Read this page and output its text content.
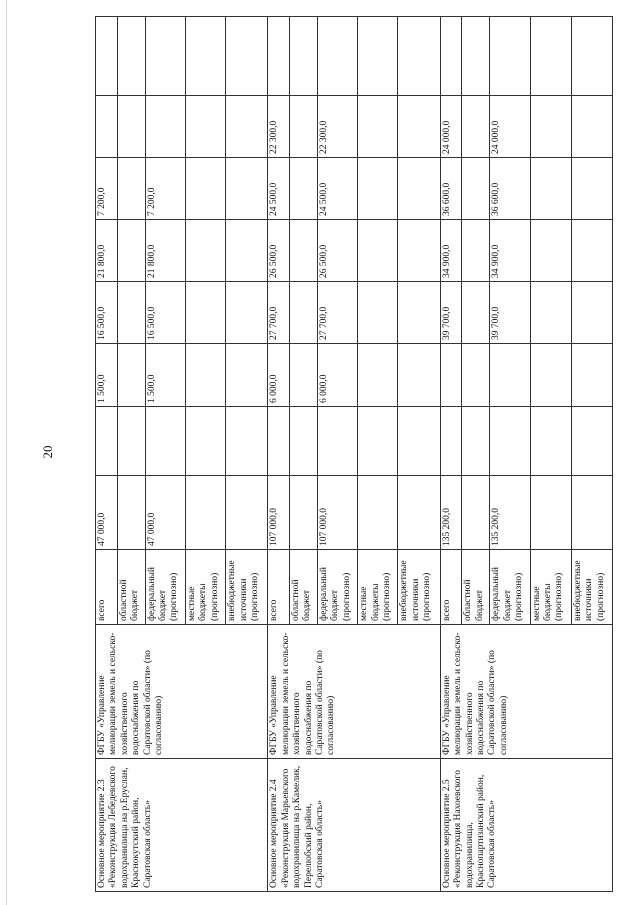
20
Основное мероприятие 2.3 «Реконструкция Лебедевского водохранилища на р.Еруслан, Краснокутский район, Саратовская область»	ФГБУ «Управление мелиорации земель и сельско-хозяйственного водоснабжения по Саратовской области» (по согласованию)	всего	47 000,0		1 500,0	16 500,0	21 800,0	7 200,0		
		областной бюджет								
		федеральный бюджет (прогнозно)	47 000,0		1 500,0	16 500,0	21 800,0	7 200,0		
		местные бюджеты (прогнозно)								
		внебюджетные источники (прогнозно)								
Основное мероприятие 2.4 «Реконструкция Марьевского водохранилища на р.Камелик, Перелюбский район, Саратовская область»	ФГБУ «Управление мелиорации земель и сельско-хозяйственного водоснабжения по Саратовской области» (по согласованию)	всего	107 000,0		6 000,0	27 700,0	26 500,0	24 500,0	22 300,0	
		областной бюджет								
		федеральный бюджет (прогнозно)	107 000,0		6 000,0	27 700,0	26 500,0	24 500,0	22 300,0	
		местные бюджеты (прогнозно)								
		внебюджетные источники (прогнозно)								
Основное мероприятие 2.5 «Реконструкция Нахоевского водохранилища, Краснопартизанский район, Саратовская область»	ФГБУ «Управление мелиорации земель и сельско-хозяйственного водоснабжения по Саратовской области» (по согласованию)	всего	135 200,0			39 700,0	34 900,0	36 600,0	24 000,0	
		областной бюджет								
		федеральный бюджет (прогнозно)	135 200,0			39 700,0	34 900,0	36 600,0	24 000,0	
		местные бюджеты (прогнозно)								
		внебюджетные источники (прогнозно)								
